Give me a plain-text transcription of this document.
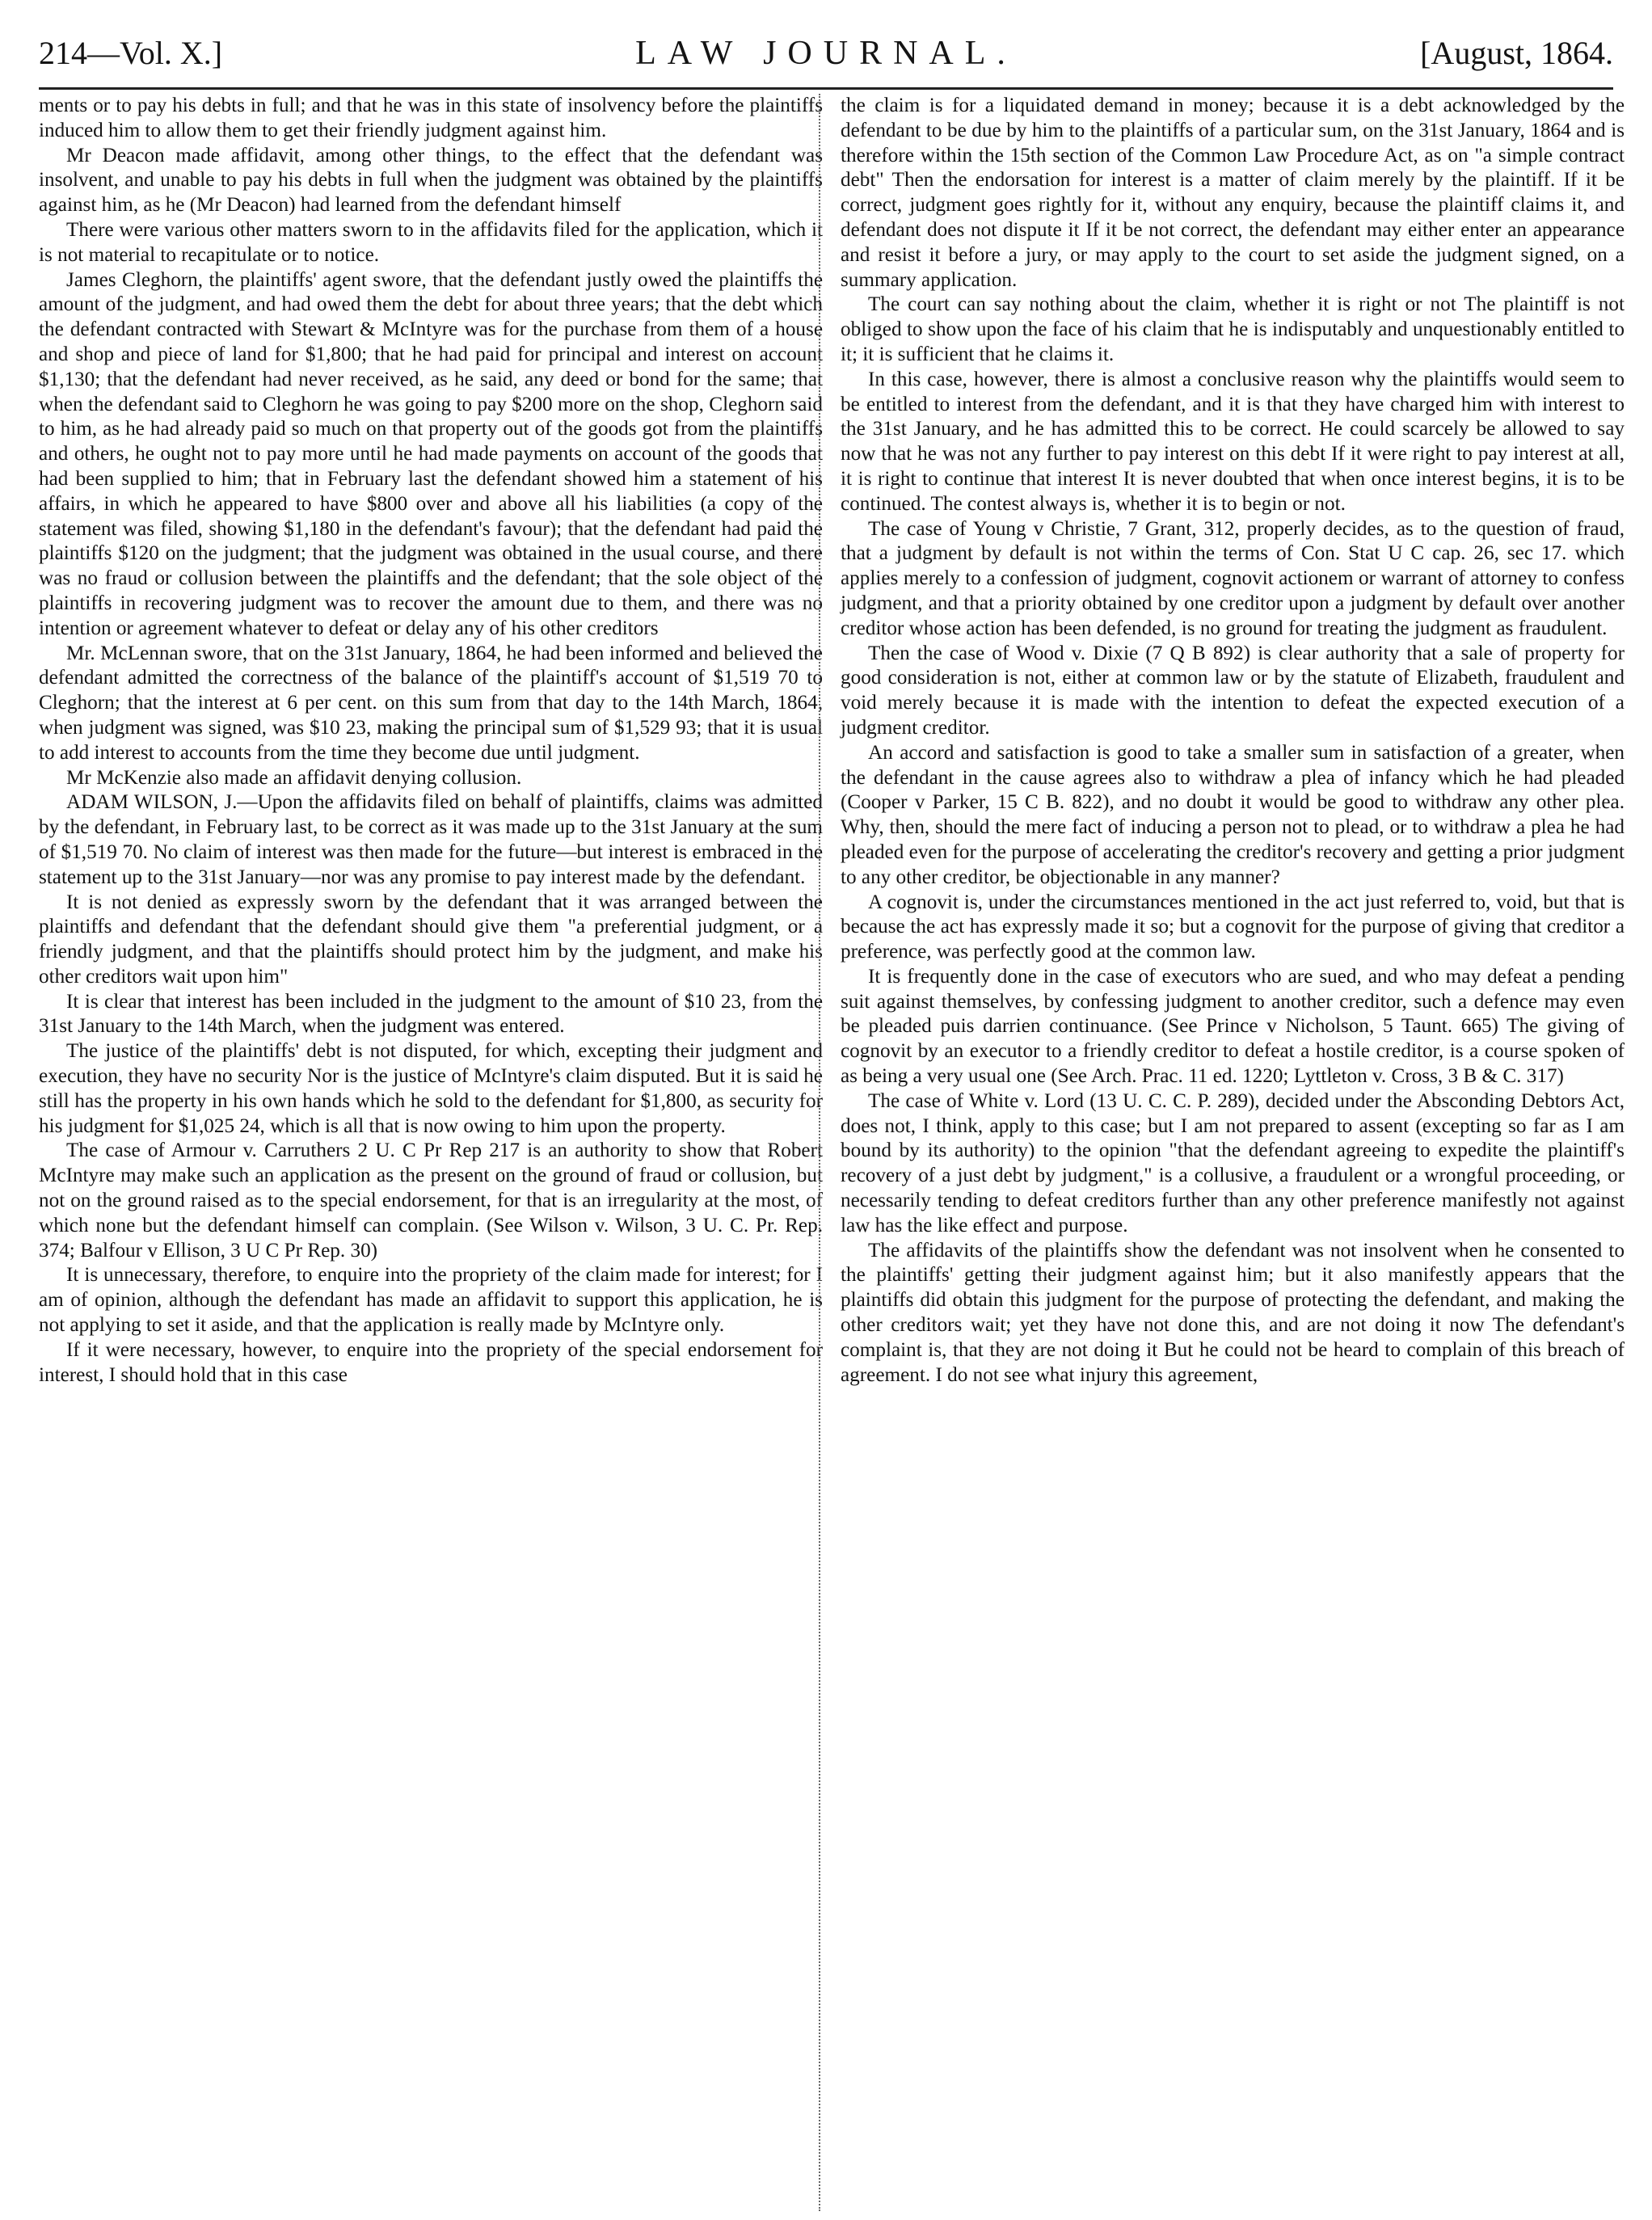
214—Vol. X.]	LAW JOURNAL.	[August, 1864.

ments or to pay his debts in full; and that he was in this state of insolvency before the plaintiffs induced him to allow them to get their friendly judgment against him.

Mr Deacon made affidavit, among other things, to the effect that the defendant was insolvent, and unable to pay his debts in full when the judgment was obtained by the plaintiffs against him, as he (Mr Deacon) had learned from the defendant himself

There were various other matters sworn to in the affidavits filed for the application, which it is not material to recapitulate or to notice.

James Cleghorn, the plaintiffs' agent swore, that the defendant justly owed the plaintiffs the amount of the judgment, and had owed them the debt for about three years; that the debt which the defendant contracted with Stewart & McIntyre was for the purchase from them of a house and shop and piece of land for $1,800; that he had paid for principal and interest on account $1,130; that the defendant had never received, as he said, any deed or bond for the same; that when the defendant said to Cleghorn he was going to pay $200 more on the shop, Cleghorn said to him, as he had already paid so much on that property out of the goods got from the plaintiffs and others, he ought not to pay more until he had made payments on account of the goods that had been supplied to him; that in February last the defendant showed him a statement of his affairs, in which he appeared to have $800 over and above all his liabilities (a copy of the statement was filed, showing $1,180 in the defendant's favour); that the defendant had paid the plaintiffs $120 on the judgment; that the judgment was obtained in the usual course, and there was no fraud or collusion between the plaintiffs and the defendant; that the sole object of the plaintiffs in recovering judgment was to recover the amount due to them, and there was no intention or agreement whatever to defeat or delay any of his other creditors

Mr. McLennan swore, that on the 31st January, 1864, he had been informed and believed the defendant admitted the correctness of the balance of the plaintiff's account of $1,519 70 to Cleghorn; that the interest at 6 per cent. on this sum from that day to the 14th March, 1864, when judgment was signed, was $10 23, making the principal sum of $1,529 93; that it is usual to add interest to accounts from the time they become due until judgment.

Mr McKenzie also made an affidavit denying collusion.

ADAM WILSON, J.—Upon the affidavits filed on behalf of plaintiffs, claims was admitted by the defendant, in February last, to be correct as it was made up to the 31st January at the sum of $1,519 70. No claim of interest was then made for the future—but interest is embraced in the statement up to the 31st January—nor was any promise to pay interest made by the defendant.

It is not denied as expressly sworn by the defendant that it was arranged between the plaintiffs and defendant that the defendant should give them "a preferential judgment, or a friendly judgment, and that the plaintiffs should protect him by the judgment, and make his other creditors wait upon him"

It is clear that interest has been included in the judgment to the amount of $10 23, from the 31st January to the 14th March, when the judgment was entered.

The justice of the plaintiffs' debt is not disputed, for which, excepting their judgment and execution, they have no security Nor is the justice of McIntyre's claim disputed. But it is said he still has the property in his own hands which he sold to the defendant for $1,800, as security for his judgment for $1,025 24, which is all that is now owing to him upon the property.

The case of Armour v. Carruthers 2 U. C Pr Rep 217 is an authority to show that Robert McIntyre may make such an application as the present on the ground of fraud or collusion, but not on the ground raised as to the special endorsement, for that is an irregularity at the most, of which none but the defendant himself can complain. (See Wilson v. Wilson, 3 U. C. Pr. Rep. 374; Balfour v Ellison, 3 U C Pr Rep. 30)

It is unnecessary, therefore, to enquire into the propriety of the claim made for interest; for I am of opinion, although the defendant has made an affidavit to support this application, he is not applying to set it aside, and that the application is really made by McIntyre only.

If it were necessary, however, to enquire into the propriety of the special endorsement for interest, I should hold that in this case

the claim is for a liquidated demand in money; because it is a debt acknowledged by the defendant to be due by him to the plaintiffs of a particular sum, on the 31st January, 1864 and is therefore within the 15th section of the Common Law Procedure Act, as on "a simple contract debt" Then the endorsation for interest is a matter of claim merely by the plaintiff. If it be correct, judgment goes rightly for it, without any enquiry, because the plaintiff claims it, and defendant does not dispute it If it be not correct, the defendant may either enter an appearance and resist it before a jury, or may apply to the court to set aside the judgment signed, on a summary application.

The court can say nothing about the claim, whether it is right or not The plaintiff is not obliged to show upon the face of his claim that he is indisputably and unquestionably entitled to it; it is sufficient that he claims it.

In this case, however, there is almost a conclusive reason why the plaintiffs would seem to be entitled to interest from the defendant, and it is that they have charged him with interest to the 31st January, and he has admitted this to be correct. He could scarcely be allowed to say now that he was not any further to pay interest on this debt If it were right to pay interest at all, it is right to continue that interest It is never doubted that when once interest begins, it is to be continued. The contest always is, whether it is to begin or not.

The case of Young v Christie, 7 Grant, 312, properly decides, as to the question of fraud, that a judgment by default is not within the terms of Con. Stat U C cap. 26, sec 17. which applies merely to a confession of judgment, cognovit actionem or warrant of attorney to confess judgment, and that a priority obtained by one creditor upon a judgment by default over another creditor whose action has been defended, is no ground for treating the judgment as fraudulent.

Then the case of Wood v. Dixie (7 Q B 892) is clear authority that a sale of property for good consideration is not, either at common law or by the statute of Elizabeth, fraudulent and void merely because it is made with the intention to defeat the expected execution of a judgment creditor.

An accord and satisfaction is good to take a smaller sum in satisfaction of a greater, when the defendant in the cause agrees also to withdraw a plea of infancy which he had pleaded (Cooper v Parker, 15 C B. 822), and no doubt it would be good to withdraw any other plea. Why, then, should the mere fact of inducing a person not to plead, or to withdraw a plea he had pleaded even for the purpose of accelerating the creditor's recovery and getting a prior judgment to any other creditor, be objectionable in any manner?

A cognovit is, under the circumstances mentioned in the act just referred to, void, but that is because the act has expressly made it so; but a cognovit for the purpose of giving that creditor a preference, was perfectly good at the common law.

It is frequently done in the case of executors who are sued, and who may defeat a pending suit against themselves, by confessing judgment to another creditor, such a defence may even be pleaded puis darrien continuance. (See Prince v Nicholson, 5 Taunt. 665) The giving of cognovit by an executor to a friendly creditor to defeat a hostile creditor, is a course spoken of as being a very usual one (See Arch. Prac. 11 ed. 1220; Lyttleton v. Cross, 3 B & C. 317)

The case of White v. Lord (13 U. C. C. P. 289), decided under the Absconding Debtors Act, does not, I think, apply to this case; but I am not prepared to assent (excepting so far as I am bound by its authority) to the opinion "that the defendant agreeing to expedite the plaintiff's recovery of a just debt by judgment," is a collusive, a fraudulent or a wrongful proceeding, or necessarily tending to defeat creditors further than any other preference manifestly not against law has the like effect and purpose.

The affidavits of the plaintiffs show the defendant was not insolvent when he consented to the plaintiffs' getting their judgment against him; but it also manifestly appears that the plaintiffs did obtain this judgment for the purpose of protecting the defendant, and making the other creditors wait; yet they have not done this, and are not doing it now The defendant's complaint is, that they are not doing it But he could not be heard to complain of this breach of agreement. I do not see what injury this agreement,
